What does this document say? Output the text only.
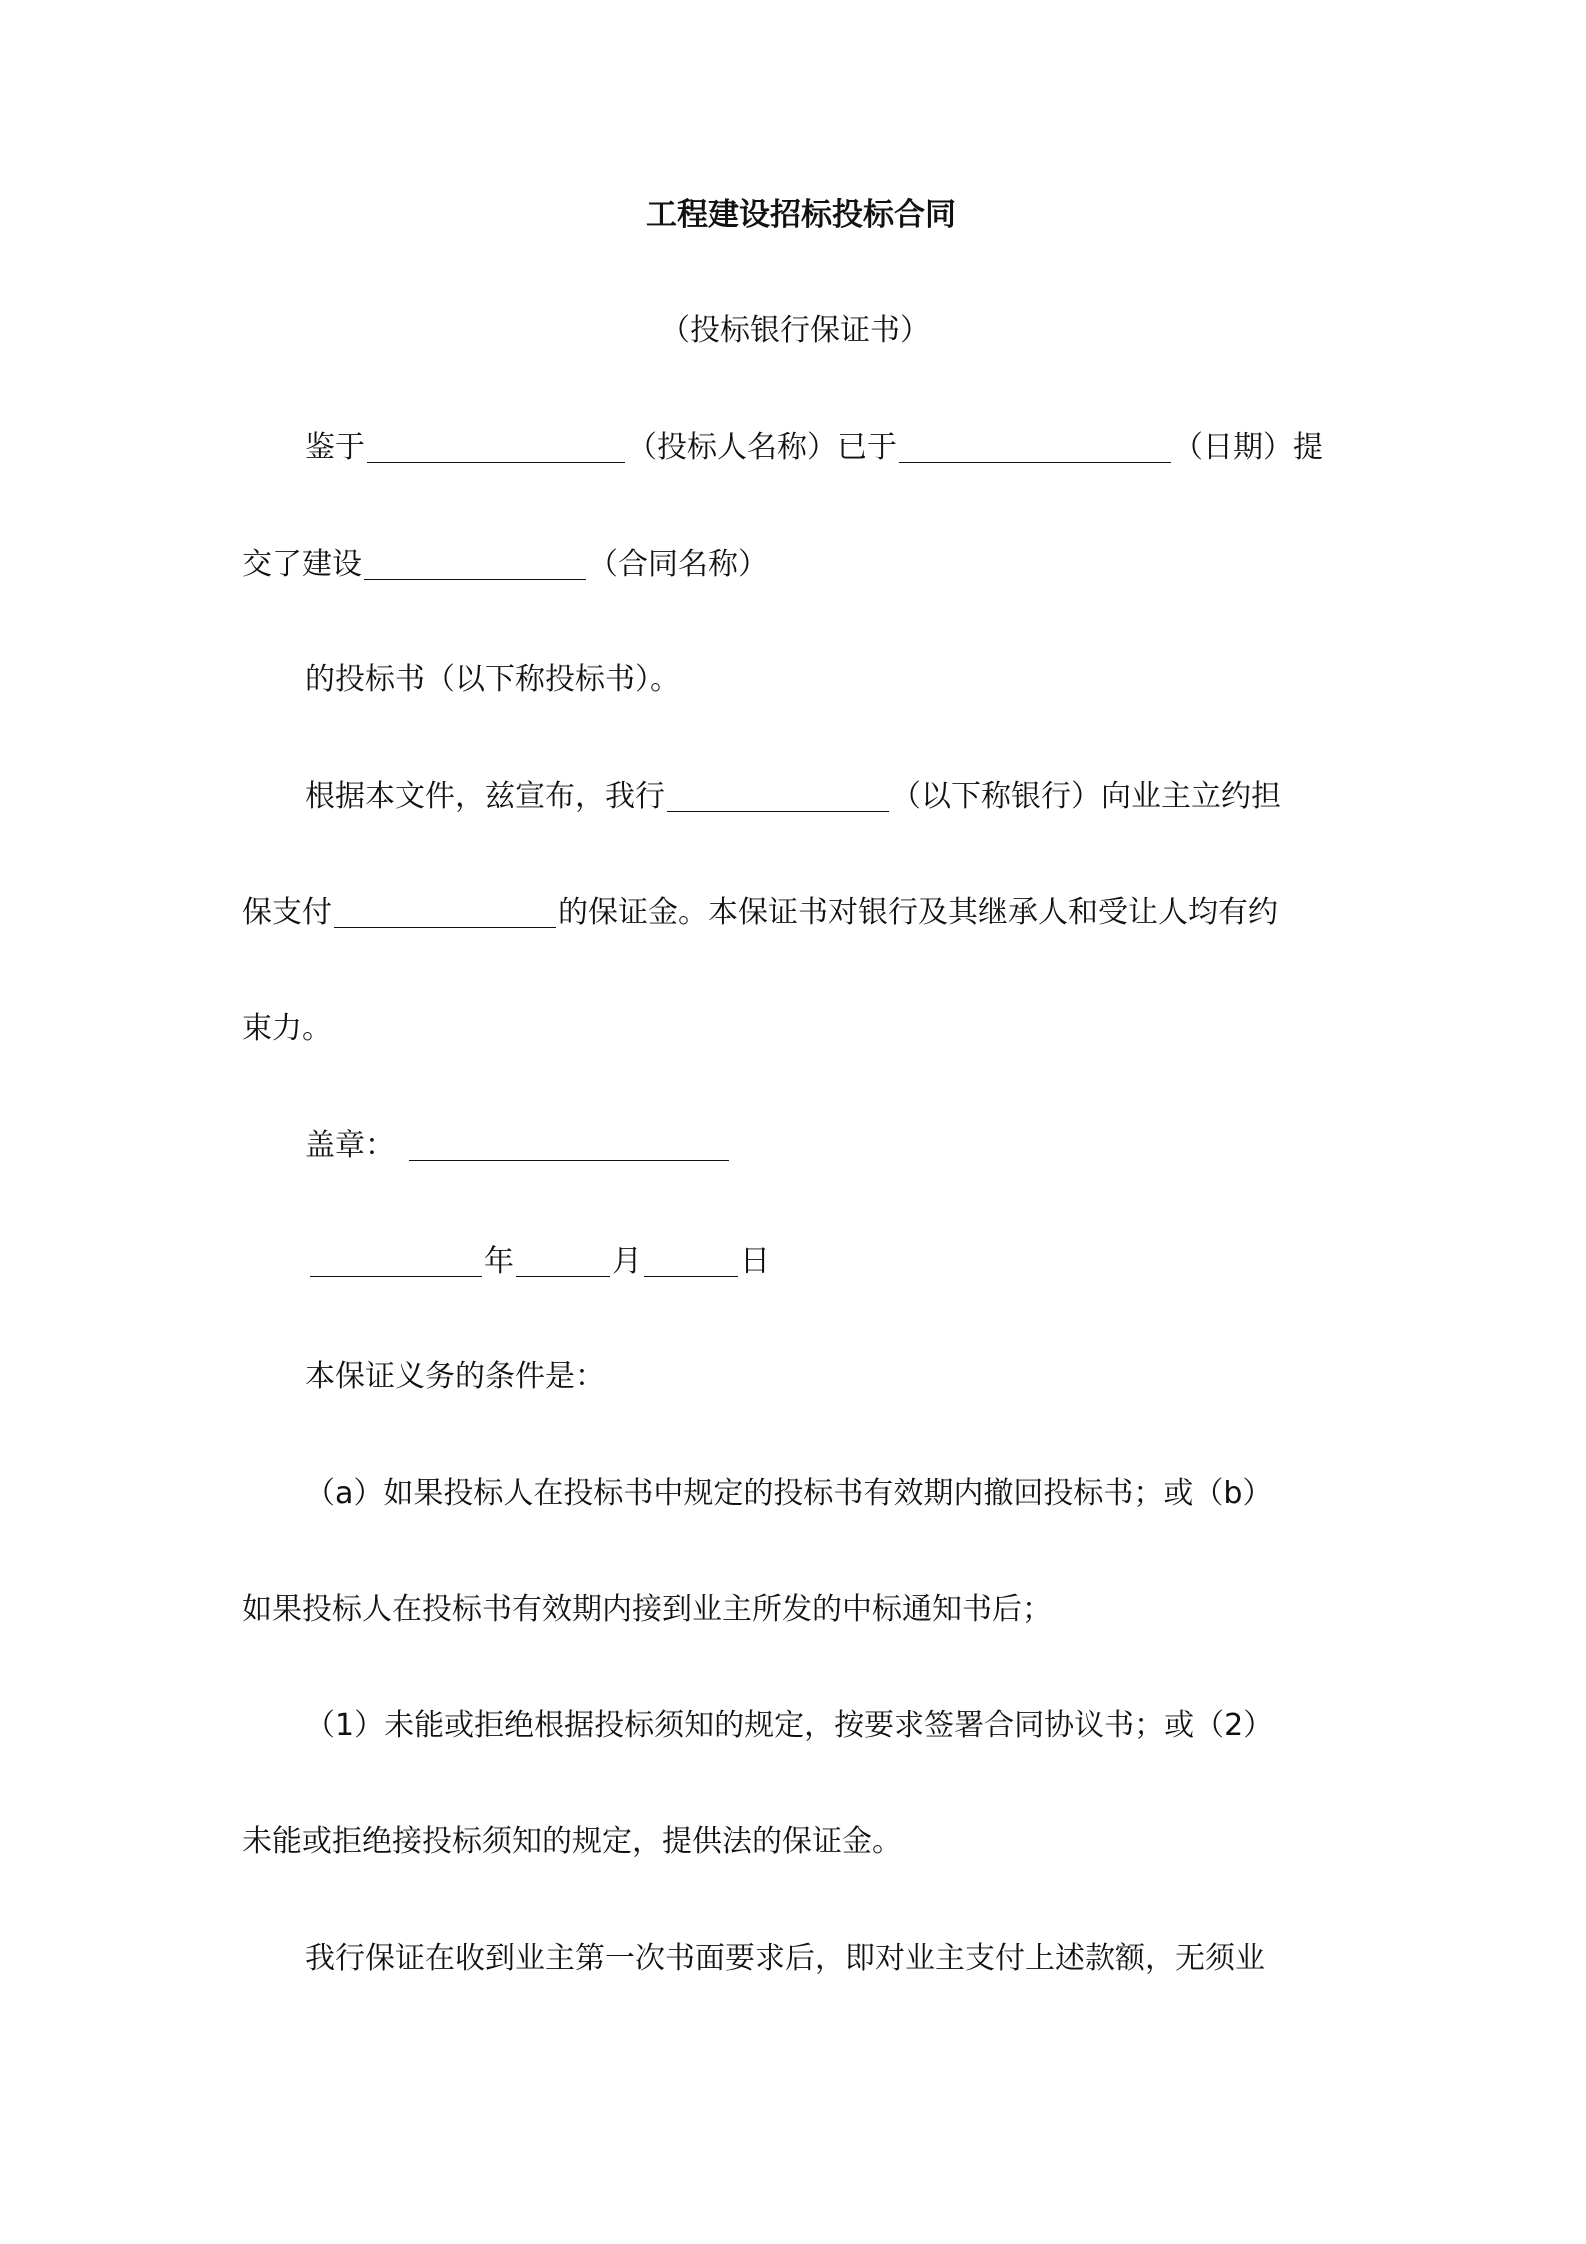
工程建设招标投标合同
（投标银行保证书）
鉴于	（投标人名称）已于	（日期）提
交了建设	（合同名称）
的投标书（以下称投标书）。
根据本文件，兹宣布，我行	（以下称银行）向业主立约担
保支付	的保证金。本保证书对银行及其继承人和受让人均有约
束力。
盖章：
年	月	日
本保证义务的条件是：
（a）如果投标人在投标书中规定的投标书有效期内撤回投标书；或（b）
如果投标人在投标书有效期内接到业主所发的中标通知书后；
（1）未能或拒绝根据投标须知的规定，按要求签署合同协议书；或（2）
未能或拒绝接投标须知的规定，提供法的保证金。
我行保证在收到业主第一次书面要求后，即对业主支付上述款额，无须业
